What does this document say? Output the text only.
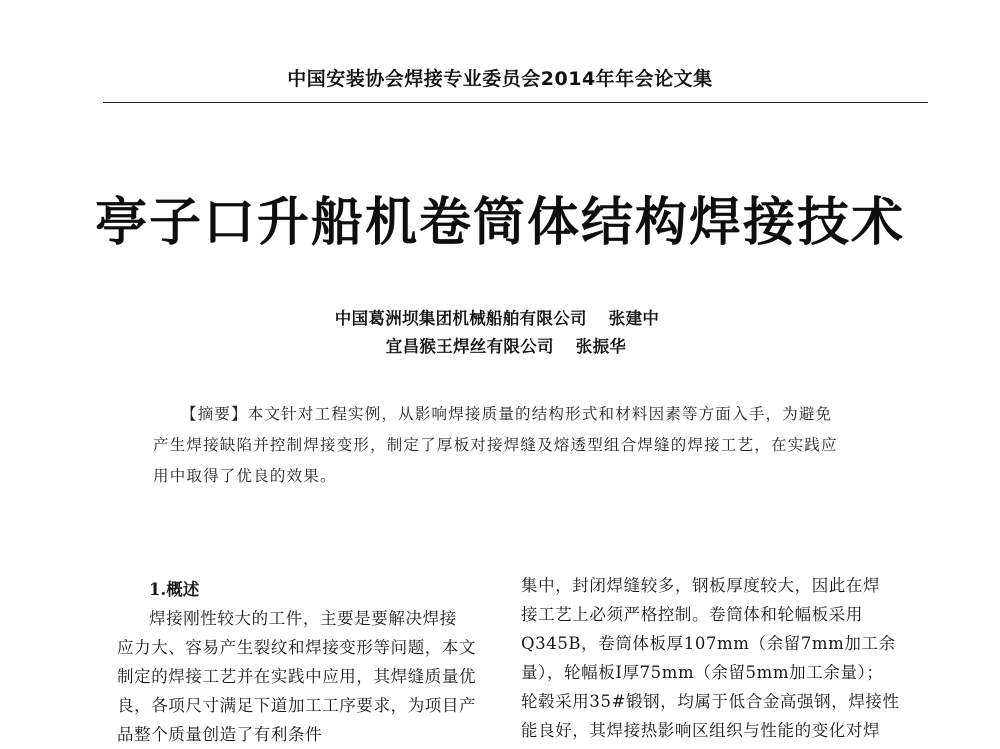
中国安装协会焊接专业委员会2014年年会论文集
亭子口升船机卷筒体结构焊接技术
中国葛洲坝集团机械船舶有限公司 张建中
宜昌猴王焊丝有限公司 张振华
【摘要】本文针对工程实例，从影响焊接质量的结构形式和材料因素等方面入手，为避免
产生焊接缺陷并控制焊接变形，制定了厚板对接焊缝及熔透型组合焊缝的焊接工艺，在实践应
用中取得了优良的效果。
1.概述
焊接刚性较大的工件，主要是要解决焊接
应力大、容易产生裂纹和焊接变形等问题，本文
制定的焊接工艺并在实践中应用，其焊缝质量优
良，各项尺寸满足下道加工工序要求，为项目产
品整个质量创造了有利条件
集中，封闭焊缝较多，钢板厚度较大，因此在焊
接工艺上必须严格控制。卷筒体和轮幅板采用
Q345B，卷筒体板厚107mm（余留7mm加工余
量），轮幅板Ⅰ厚75mm（余留5mm加工余量）；
轮毂采用35#锻钢，均属于低合金高强钢，焊接性
能良好，其焊接热影响区组织与性能的变化对焊
